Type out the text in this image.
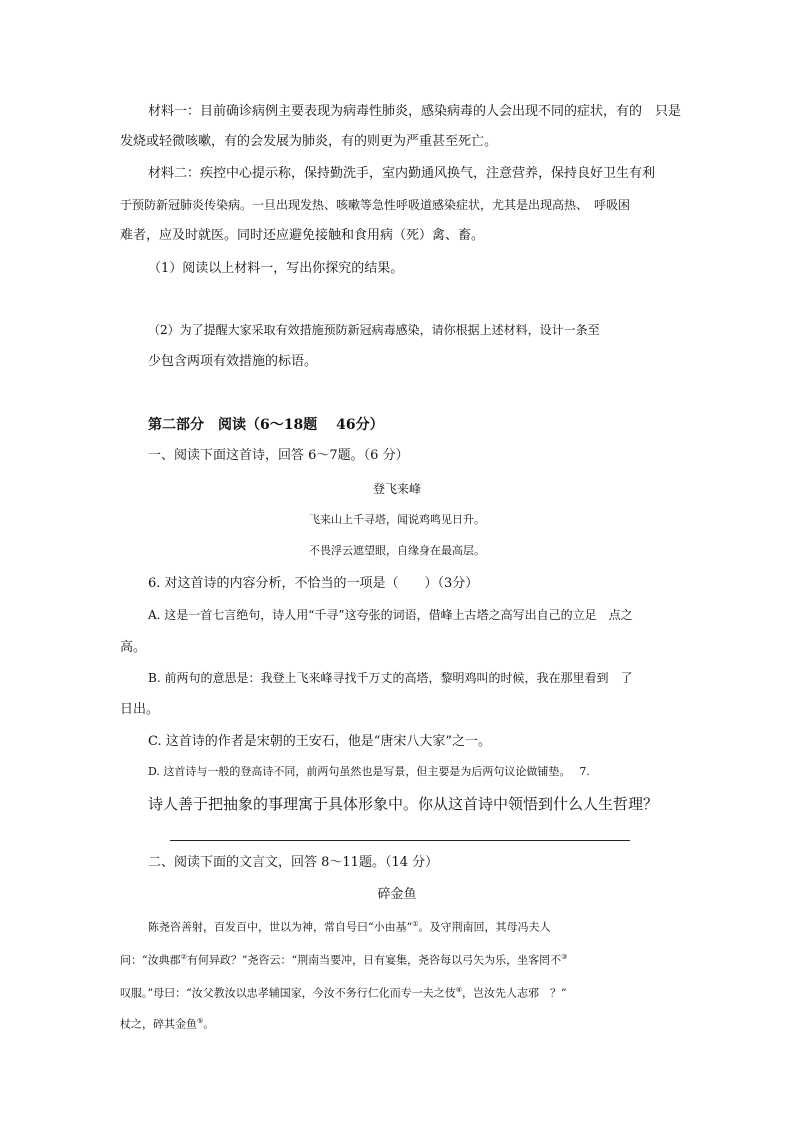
材料一：目前确诊病例主要表现为病毒性肺炎，感染病毒的人会出现不同的症状，有的　只是
发烧或轻微咳嗽，有的会发展为肺炎，有的则更为严重甚至死亡。
材料二：疾控中心提示称，保持勤洗手，室内勤通风换气，注意营养，保持良好卫生有利
于预防新冠肺炎传染病。一旦出现发热、咳嗽等急性呼吸道感染症状，尤其是出现高热、　呼吸困
难者，应及时就医。同时还应避免接触和食用病（死）禽、畜。
（1）阅读以上材料一，写出你探究的结果。
（2）为了提醒大家采取有效措施预防新冠病毒感染，请你根据上述材料，设计一条至
少包含两项有效措施的标语。
第二部分　阅读（6～18题　 46分）
一、阅读下面这首诗，回答 6～7题。（6 分）
登飞来峰
飞来山上千寻塔，闻说鸡鸣见日升。
不畏浮云遮望眼，自缘身在最高层。
6. 对这首诗的内容分析，不恰当的一项是（　　）（3分）
A. 这是一首七言绝句，诗人用“千寻”这夸张的词语，借峰上古塔之高写出自己的立足　点之
高。
B. 前两句的意思是：我登上飞来峰寻找千万丈的高塔，黎明鸡叫的时候，我在那里看到　了
日出。
C. 这首诗的作者是宋朝的王安石，他是“唐宋八大家”之一。
D. 这首诗与一般的登高诗不同，前两句虽然也是写景，但主要是为后两句议论做铺垫。　 7.
诗人善于把抽象的事理寓于具体形象中。你从这首诗中领悟到什么人生哲理？
二、阅读下面的文言文，回答 8～11题。（14 分）
碎金鱼
陈尧咨善射，百发百中，世以为神，常自号曰“小由基”①。及守荆南回，其母冯夫人
问：“汝典郡②有何异政？”尧咨云：“荆南当要冲，日有宴集，尧咨每以弓矢为乐，坐客罔不③
叹服。”母曰：“汝父教汝以忠孝辅国家，今汝不务行仁化而专一夫之伎④，岂汝先人志邪　？”
杖之，碎其金鱼⑤。
